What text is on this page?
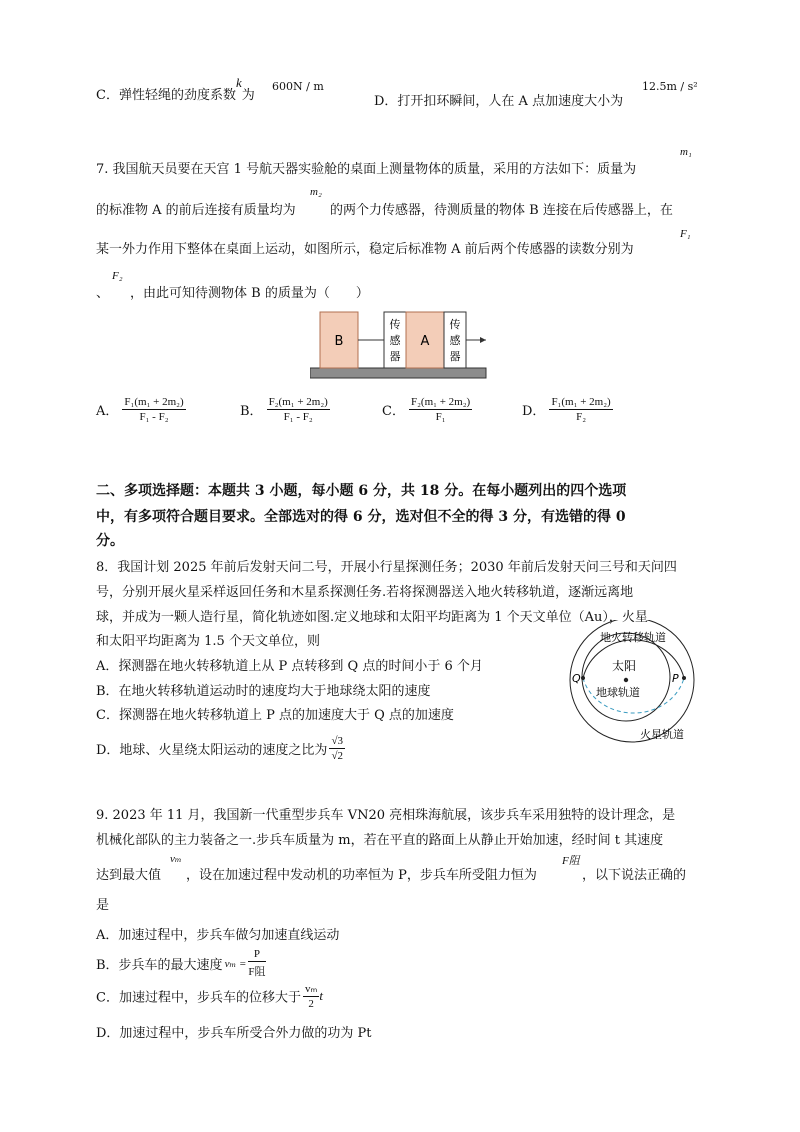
C．弹性轻绳的劲度系数k为
600N / m
D．打开扣环瞬间，人在 A 点加速度大小为
12.5m / s²
7. 我国航天员要在天宫 1 号航天器实验舱的桌面上测量物体的质量，采用的方法如下：质量为
m₁
的标准物 A 的前后连接有质量均为
m₂
的两个力传感器，待测质量的物体 B 连接在后传感器上，在
某一外力作用下整体在桌面上运动，如图所示，稳定后标准物 A 前后两个传感器的读数分别为
F₁
、
F₂
，由此可知待测物体 B 的质量为（　　）
B
传
感
器
A
传
感
器
A． $\frac{\text{F₁(m₁ + 2m₂)}}{\text{F₁ - F₂}}$	B． $\frac{\text{F₂(m₁ + 2m₂)}}{\text{F₁ - F₂}}$	C． $\frac{\text{F₂(m₁ + 2m₂)}}{\text{F₁}}$	D． $\frac{\text{F₁(m₁ + 2m₂)}}{\text{F₂}}$
二、多项选择题：本题共 3 小题，每小题 6 分，共 18 分。在每小题列出的四个选项
中，有多项符合题目要求。全部选对的得 6 分，选对但不全的得 3 分，有选错的得 0
分。
8．我国计划 2025 年前后发射天问二号，开展小行星探测任务；2030 年前后发射天问三号和天问四
号，分别开展火星采样返回任务和木星系探测任务.若将探测器送入地火转移轨道，逐渐远离地
球，并成为一颗人造行星，简化轨迹如图.定义地球和太阳平均距离为 1 个天文单位（Au），火星
和太阳平均距离为 1.5 个天文单位，则
A．探测器在地火转移轨道上从 P 点转移到 Q 点的时间小于 6 个月
B．在地火转移轨道运动时的速度均大于地球绕太阳的速度
C．探测器在地火转移轨道上 P 点的加速度大于 Q 点的加速度
D．地球、火星绕太阳运动的速度之比为 $\frac{√3}{√2}$
太阳
Q	P
地火转移轨道
地球轨道
火星轨道
9. 2023 年 11 月，我国新一代重型步兵车 VN20 亮相珠海航展，该步兵车采用独特的设计理念，是
机械化部队的主力装备之一.步兵车质量为 m，若在平直的路面上从静止开始加速，经时间 t 其速度
达到最大值
vₘ
，设在加速过程中发动机的功率恒为 P，步兵车所受阻力恒为
F阻
，以下说法正确的
是
A．加速过程中，步兵车做匀加速直线运动
B．步兵车的最大速度 $v_m = \frac{P}{\text{F阻}}$
C．加速过程中，步兵车的位移大于 $\frac{\text{vₘ}}{2}$ t
D．加速过程中，步兵车所受合外力做的功为 Pt
